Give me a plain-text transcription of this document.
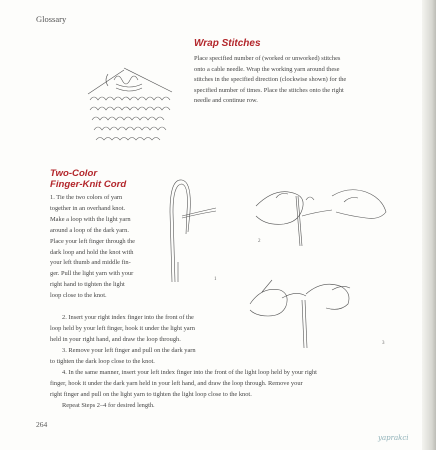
Glossary
Wrap Stitches
Place specified number of (worked or unworked) stitches
onto a cable needle. Wrap the working yarn around these
stitches in the specified direction (clockwise shown) for the
specified number of times. Place the stitches onto the right
needle and continue row.
Two-Color
Finger-Knit Cord
1. Tie the two colors of yarn
together in an overhand knot.
Make a loop with the light yarn
around a loop of the dark yarn.
Place your left finger through the
dark loop and hold the knot with
your left thumb and middle fin-
ger. Pull the light yarn with your
right hand to tighten the light
loop close to the knot.
2. Insert your right index finger into the front of the
loop held by your left finger, hook it under the light yarn
held in your right hand, and draw the loop through.
3. Remove your left finger and pull on the dark yarn
to tighten the dark loop close to the knot.
4. In the same manner, insert your left index finger into the front of the light loop held by your right
finger, hook it under the dark yarn held in your left hand, and draw the loop through. Remove your
right finger and pull on the light yarn to tighten the light loop close to the knot.
Repeat Steps 2–4 for desired length.
1
2
3
264
yaprakci
